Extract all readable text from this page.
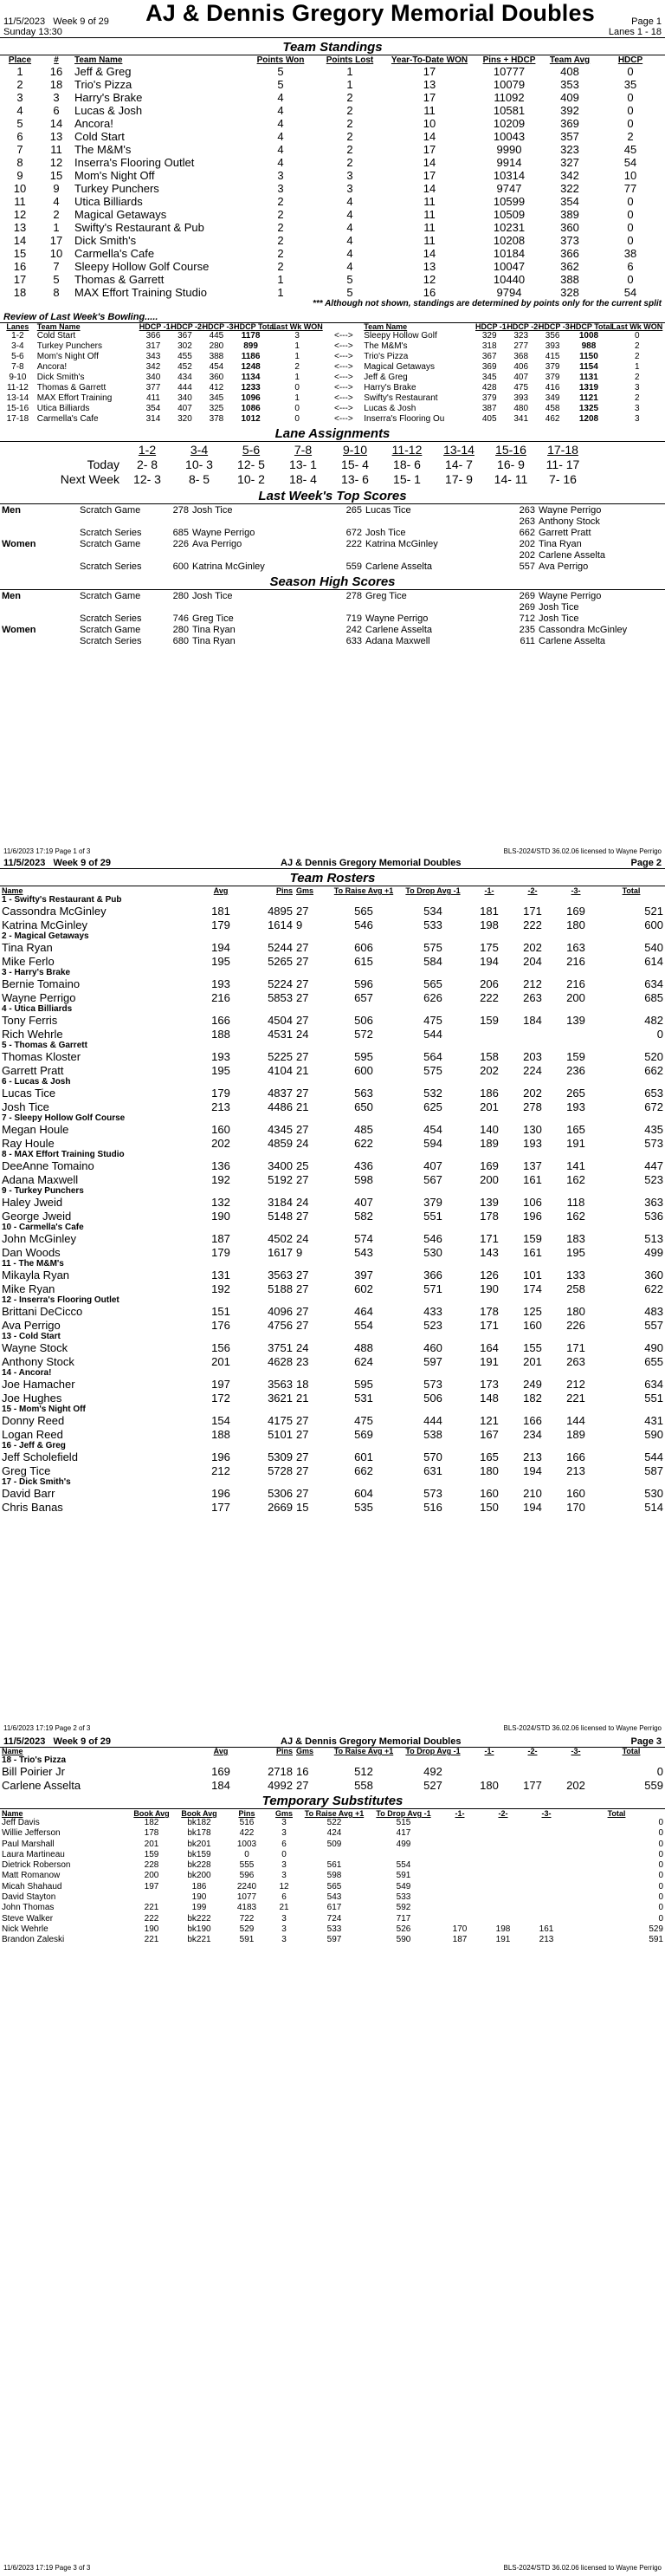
11/5/2023 Week 9 of 29 AJ & Dennis Gregory Memorial Doubles	Page 1
Sunday 13:30	Lanes 1 - 18
Team Standings
Place	#	Team Name	Points Won	Points Lost	Year-To-Date WON	Pins + HDCP	Team Avg	HDCP
1	16	Jeff & Greg	5	1	17	10777	408	0
2	18	Trio's Pizza	5	1	13	10079	353	35
3	3	Harry's Brake	4	2	17	11092	409	0
4	6	Lucas & Josh	4	2	11	10581	392	0
5	14	Ancora!	4	2	10	10209	369	0
6	13	Cold Start	4	2	14	10043	357	2
7	11	The M&M's	4	2	17	9990	323	45
8	12	Inserra's Flooring Outlet	4	2	14	9914	327	54
9	15	Mom's Night Off	3	3	17	10314	342	10
10	9	Turkey Punchers	3	3	14	9747	322	77
11	4	Utica Billiards	2	4	11	10599	354	0
12	2	Magical Getaways	2	4	11	10509	389	0
13	1	Swifty's Restaurant & Pub	2	4	11	10231	360	0
14	17	Dick Smith's	2	4	11	10208	373	0
15	10	Carmella's Cafe	2	4	14	10184	366	38
16	7	Sleepy Hollow Golf Course	2	4	13	10047	362	6
17	5	Thomas & Garrett	1	5	12	10440	388	0
18	8	MAX Effort Training Studio	1	5	16	9794	328	54
*** Although not shown, standings are determined by points only for the current split
Review of Last Week's Bowling.....
Lanes	Team Name	HDCP -1-	HDCP -2-	HDCP -3-	HDCP Total	Last Wk WON		Team Name	HDCP -1-	HDCP -2-	HDCP -3-	HDCP Total	Last Wk WON
1-2	Cold Start	366	367	445	1178	3	<--->	Sleepy Hollow Golf	329	323	356	1008	0
3-4	Turkey Punchers	317	302	280	899	1	<--->	The M&M's	318	277	393	988	2
5-6	Mom's Night Off	343	455	388	1186	1	<--->	Trio's Pizza	367	368	415	1150	2
7-8	Ancora!	342	452	454	1248	2	<--->	Magical Getaways	369	406	379	1154	1
9-10	Dick Smith's	340	434	360	1134	1	<--->	Jeff & Greg	345	407	379	1131	2
11-12	Thomas & Garrett	377	444	412	1233	0	<--->	Harry's Brake	428	475	416	1319	3
13-14	MAX Effort Training	411	340	345	1096	1	<--->	Swifty's Restaurant	379	393	349	1121	2
15-16	Utica Billiards	354	407	325	1086	0	<--->	Lucas & Josh	387	480	458	1325	3
17-18	Carmella's Cafe	314	320	378	1012	0	<--->	Inserra's Flooring Ou	405	341	462	1208	3
Lane Assignments
	1-2	3-4	5-6	7-8	9-10	11-12	13-14	15-16	17-18
Today	2- 8	10- 3	12- 5	13- 1	15- 4	18- 6	14- 7	16- 9	11- 17
Next Week	12- 3	8- 5	10- 2	18- 4	13- 6	15- 1	17- 9	14- 11	7- 16
Last Week's Top Scores
Men	Scratch Game	278	Josh Tice	265	Lucas Tice	263	Wayne Perrigo
						263	Anthony Stock
	Scratch Series	685	Wayne Perrigo	672	Josh Tice	662	Garrett Pratt
Women	Scratch Game	226	Ava Perrigo	222	Katrina McGinley	202	Tina Ryan
						202	Carlene Asselta
	Scratch Series	600	Katrina McGinley	559	Carlene Asselta	557	Ava Perrigo
Season High Scores
Men	Scratch Game	280	Josh Tice	278	Greg Tice	269	Wayne Perrigo
						269	Josh Tice
	Scratch Series	746	Greg Tice	719	Wayne Perrigo	712	Josh Tice
Women	Scratch Game	280	Tina Ryan	242	Carlene Asselta	235	Cassondra McGinley
	Scratch Series	680	Tina Ryan	633	Adana Maxwell	611	Carlene Asselta
11/6/2023 17:19 Page 1 of 3	BLS-2024/STD 36.02.06 licensed to Wayne Perrigo
11/5/2023 Week 9 of 29	AJ & Dennis Gregory Memorial Doubles	Page 2
Team Rosters
Name	Avg	Pins	Gms	To Raise Avg +1	To Drop Avg -1	-1-	-2-	-3-	Total
1 - Swifty's Restaurant & Pub									
Cassondra McGinley	181	4895	27	565	534	181	171	169	521
Katrina McGinley	179	1614	9	546	533	198	222	180	600
2 - Magical Getaways									
Tina Ryan	194	5244	27	606	575	175	202	163	540
Mike Ferlo	195	5265	27	615	584	194	204	216	614
3 - Harry's Brake									
Bernie Tomaino	193	5224	27	596	565	206	212	216	634
Wayne Perrigo	216	5853	27	657	626	222	263	200	685
4 - Utica Billiards									
Tony Ferris	166	4504	27	506	475	159	184	139	482
Rich Wehrle	188	4531	24	572	544				0
5 - Thomas & Garrett									
Thomas Kloster	193	5225	27	595	564	158	203	159	520
Garrett Pratt	195	4104	21	600	575	202	224	236	662
6 - Lucas & Josh									
Lucas Tice	179	4837	27	563	532	186	202	265	653
Josh Tice	213	4486	21	650	625	201	278	193	672
7 - Sleepy Hollow Golf Course									
Megan Houle	160	4345	27	485	454	140	130	165	435
Ray Houle	202	4859	24	622	594	189	193	191	573
8 - MAX Effort Training Studio									
DeeAnne Tomaino	136	3400	25	436	407	169	137	141	447
Adana Maxwell	192	5192	27	598	567	200	161	162	523
9 - Turkey Punchers									
Haley Jweid	132	3184	24	407	379	139	106	118	363
George Jweid	190	5148	27	582	551	178	196	162	536
10 - Carmella's Cafe									
John McGinley	187	4502	24	574	546	171	159	183	513
Dan Woods	179	1617	9	543	530	143	161	195	499
11 - The M&M's									
Mikayla Ryan	131	3563	27	397	366	126	101	133	360
Mike Ryan	192	5188	27	602	571	190	174	258	622
12 - Inserra's Flooring Outlet									
Brittani DeCicco	151	4096	27	464	433	178	125	180	483
Ava Perrigo	176	4756	27	554	523	171	160	226	557
13 - Cold Start									
Wayne Stock	156	3751	24	488	460	164	155	171	490
Anthony Stock	201	4628	23	624	597	191	201	263	655
14 - Ancora!									
Joe Hamacher	197	3563	18	595	573	173	249	212	634
Joe Hughes	172	3621	21	531	506	148	182	221	551
15 - Mom's Night Off									
Donny Reed	154	4175	27	475	444	121	166	144	431
Logan Reed	188	5101	27	569	538	167	234	189	590
16 - Jeff & Greg									
Jeff Scholefield	196	5309	27	601	570	165	213	166	544
Greg Tice	212	5728	27	662	631	180	194	213	587
17 - Dick Smith's									
David Barr	196	5306	27	604	573	160	210	160	530
Chris Banas	177	2669	15	535	516	150	194	170	514
11/6/2023 17:19 Page 2 of 3	BLS-2024/STD 36.02.06 licensed to Wayne Perrigo
11/5/2023 Week 9 of 29	AJ & Dennis Gregory Memorial Doubles	Page 3
Name	Avg	Pins	Gms	To Raise Avg +1	To Drop Avg -1	-1-	-2-	-3-	Total
18 - Trio's Pizza									
Bill Poirier Jr	169	2718	16	512	492				0
Carlene Asselta	184	4992	27	558	527	180	177	202	559
Temporary Substitutes
Name	Book Avg	Book Avg	Pins	Gms	To Raise Avg +1	To Drop Avg -1	-1-	-2-	-3-	Total
Jeff Davis	182	bk182	516	3	522	515				0
Willie Jefferson	178	bk178	422	3	424	417				0
Paul Marshall	201	bk201	1003	6	509	499				0
Laura Martineau	159	bk159	0	0						0
Dietrick Roberson	228	bk228	555	3	561	554				0
Matt Romanow	200	bk200	596	3	598	591				0
Micah Shahaud	197	186	2240	12	565	549				0
David Stayton		190	1077	6	543	533				0
John Thomas	221	199	4183	21	617	592				0
Steve Walker	222	bk222	722	3	724	717				0
Nick Wehrle	190	bk190	529	3	533	526	170	198	161	529
Brandon Zaleski	221	bk221	591	3	597	590	187	191	213	591
11/6/2023 17:19 Page 3 of 3	BLS-2024/STD 36.02.06 licensed to Wayne Perrigo
